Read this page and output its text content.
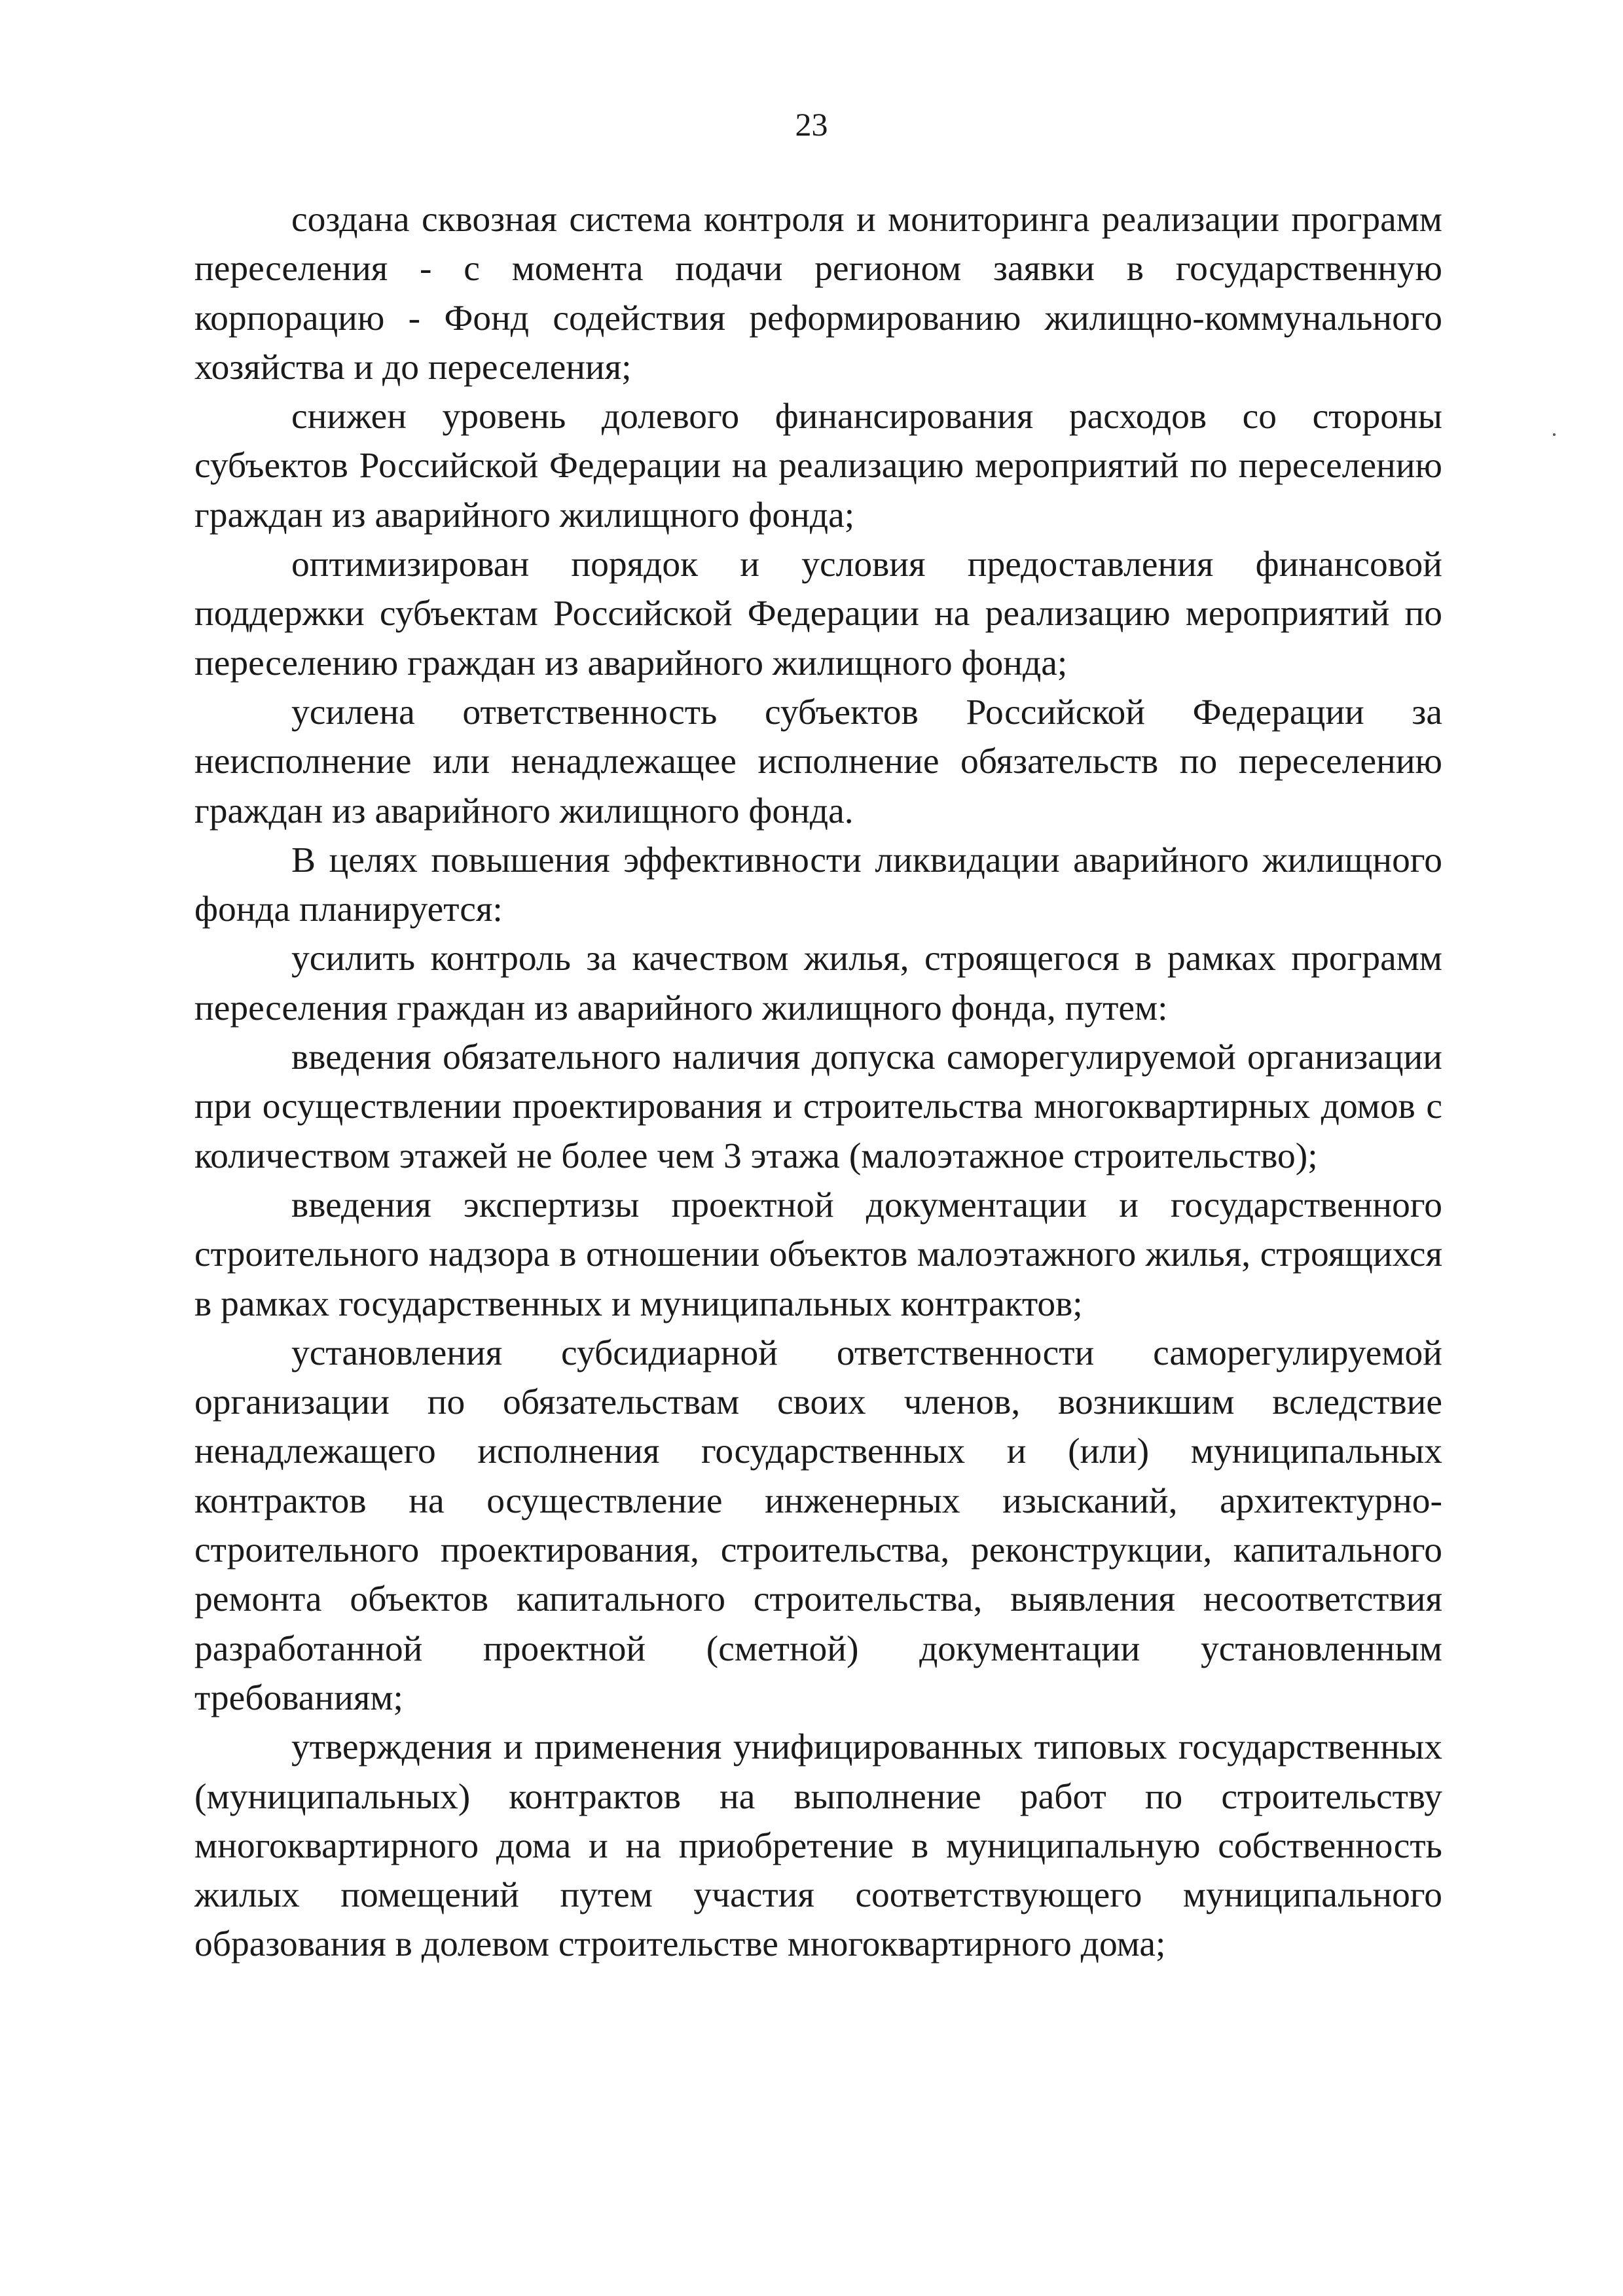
23

создана сквозная система контроля и мониторинга реализации программ переселения - с момента подачи регионом заявки в государственную корпорацию - Фонд содействия реформированию жилищно-коммунального хозяйства и до переселения;

снижен уровень долевого финансирования расходов со стороны субъектов Российской Федерации на реализацию мероприятий по переселению граждан из аварийного жилищного фонда;

оптимизирован порядок и условия предоставления финансовой поддержки субъектам Российской Федерации на реализацию мероприятий по переселению граждан из аварийного жилищного фонда;

усилена ответственность субъектов Российской Федерации за неисполнение или ненадлежащее исполнение обязательств по переселению граждан из аварийного жилищного фонда.

В целях повышения эффективности ликвидации аварийного жилищного фонда планируется:

усилить контроль за качеством жилья, строящегося в рамках программ переселения граждан из аварийного жилищного фонда, путем:

введения обязательного наличия допуска саморегулируемой организации при осуществлении проектирования и строительства многоквартирных домов с количеством этажей не более чем 3 этажа (малоэтажное строительство);

введения экспертизы проектной документации и государственного строительного надзора в отношении объектов малоэтажного жилья, строящихся в рамках государственных и муниципальных контрактов;

установления субсидиарной ответственности саморегулируемой организации по обязательствам своих членов, возникшим вследствие ненадлежащего исполнения государственных и (или) муниципальных контрактов на осуществление инженерных изысканий, архитектурно-строительного проектирования, строительства, реконструкции, капитального ремонта объектов капитального строительства, выявления несоответствия разработанной проектной (сметной) документации установленным требованиям;

утверждения и применения унифицированных типовых государственных (муниципальных) контрактов на выполнение работ по строительству многоквартирного дома и на приобретение в муниципальную собственность жилых помещений путем участия соответствующего муниципального образования в долевом строительстве многоквартирного дома;
